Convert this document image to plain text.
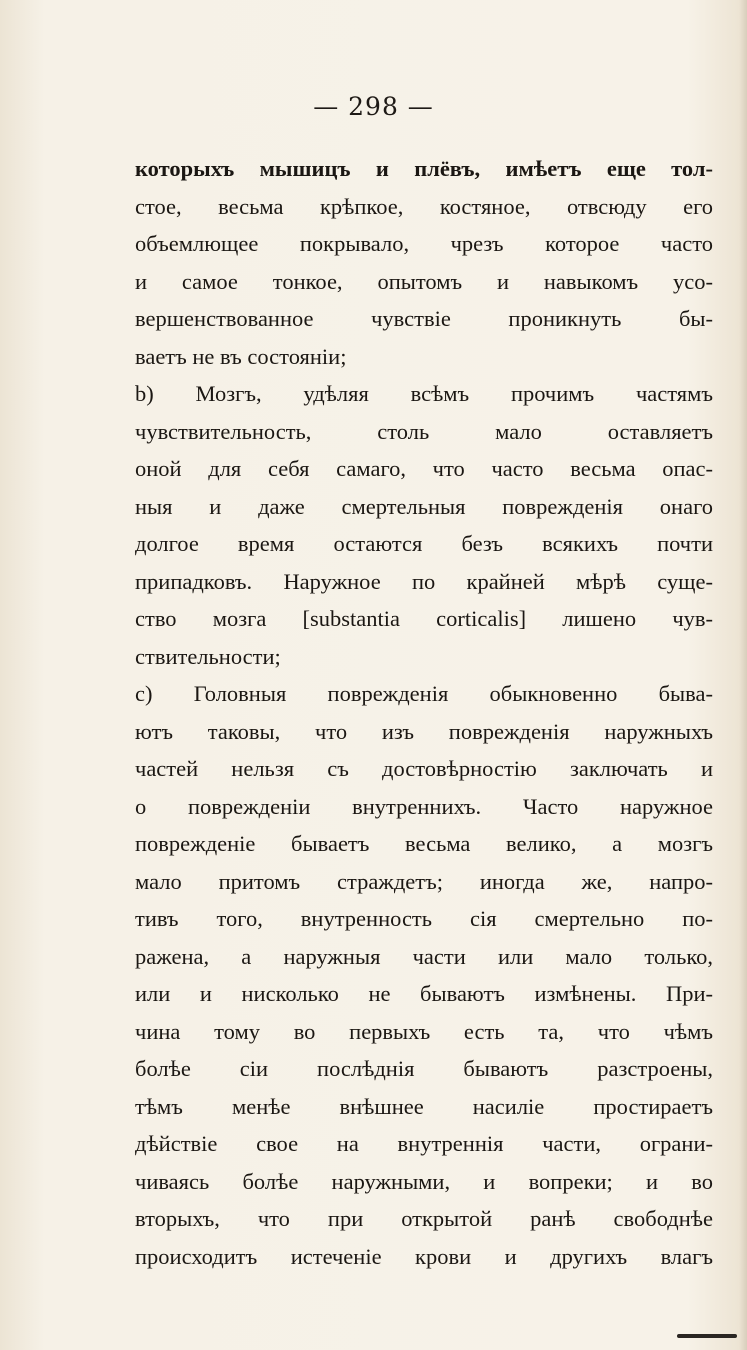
— 298 —
которыхъ мышицъ и плёвъ, имѣетъ еще тол-
стое, весьма крѣпкое, костяное, отвсюду его
объемлющее покрывало, чрезъ которое часто
и самое тонкое, опытомъ и навыкомъ усо-
вершенствованное чувствіе проникнуть бы-
ваетъ не въ состояніи;
b) Мозгъ, удѣляя всѣмъ прочимъ частямъ
чувствительность, столь мало оставляетъ
оной для себя самаго, что часто весьма опас-
ныя и даже смертельныя поврежденія онаго
долгое время остаются безъ всякихъ почти
припадковъ. Наружное по крайней мѣрѣ суще-
ство мозга [substantia corticalis] лишено чув-
ствительности;
c) Головныя поврежденія обыкновенно быва-
ютъ таковы, что изъ поврежденія наружныхъ
частей нельзя съ достовѣрностію заключать и
о поврежденіи внутреннихъ. Часто наружное
поврежденіе бываетъ весьма велико, а мозгъ
мало притомъ страждетъ; иногда же, напро-
тивъ того, внутренность сія смертельно по-
ражена, а наружныя части или мало только,
или и нисколько не бываютъ измѣнены. При-
чина тому во первыхъ есть та, что чѣмъ
болѣе сіи послѣднія бываютъ разстроены,
тѣмъ менѣе внѣшнее насиліе простираетъ
дѣйствіе свое на внутреннія части, ограни-
чиваясь болѣе наружными, и вопреки; и во
вторыхъ, что при открытой ранѣ свободнѣе
происходитъ истеченіе крови и другихъ влагъ
